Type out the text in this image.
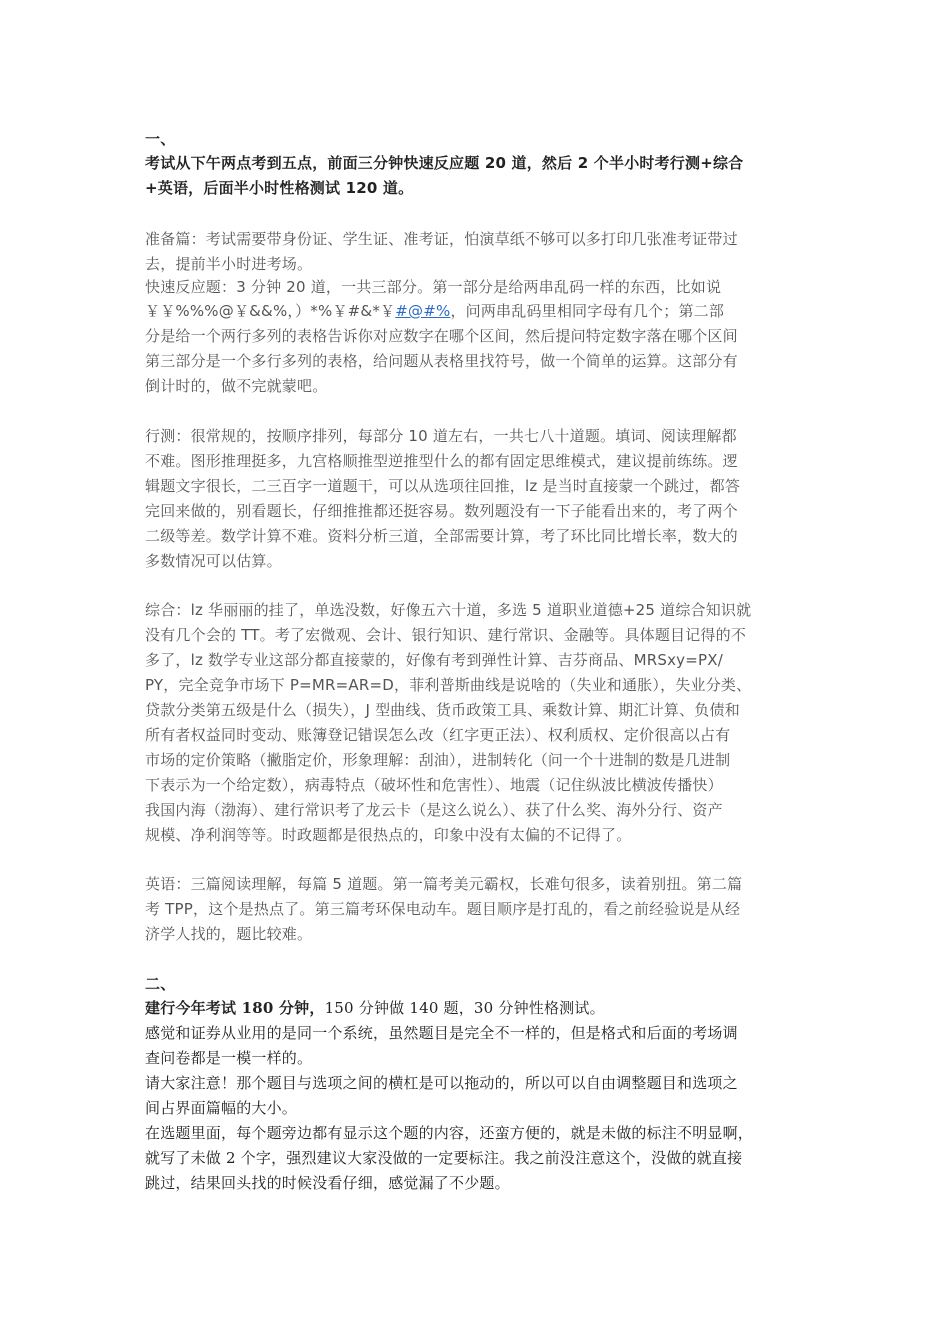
一、
考试从下午两点考到五点，前面三分钟快速反应题 20 道，然后 2 个半小时考行测+综合
+英语，后面半小时性格测试 120 道。
准备篇：考试需要带身份证、学生证、准考证，怕演草纸不够可以多打印几张准考证带过
去，提前半小时进考场。
快速反应题：3 分钟 20 道，一共三部分。第一部分是给两串乱码一样的东西，比如说
￥￥%%%@￥&&%，）*%￥#&*￥#@#%，问两串乱码里相同字母有几个；第二部
分是给一个两行多列的表格告诉你对应数字在哪个区间，然后提问特定数字落在哪个区间
第三部分是一个多行多列的表格，给问题从表格里找符号，做一个简单的运算。这部分有
倒计时的，做不完就蒙吧。
行测：很常规的，按顺序排列，每部分 10 道左右，一共七八十道题。填词、阅读理解都
不难。图形推理挺多，九宫格顺推型逆推型什么的都有固定思维模式，建议提前练练。逻
辑题文字很长，二三百字一道题干，可以从选项往回推，lz 是当时直接蒙一个跳过，都答
完回来做的，别看题长，仔细推推都还挺容易。数列题没有一下子能看出来的，考了两个
二级等差。数学计算不难。资料分析三道，全部需要计算，考了环比同比增长率，数大的
多数情况可以估算。
综合：lz 华丽丽的挂了，单选没数，好像五六十道，多选 5 道职业道德+25 道综合知识就
没有几个会的 TT。考了宏微观、会计、银行知识、建行常识、金融等。具体题目记得的不
多了，lz 数学专业这部分都直接蒙的，好像有考到弹性计算、吉芬商品、MRSxy=PX/
PY，完全竞争市场下 P=MR=AR=D，菲利普斯曲线是说啥的（失业和通胀），失业分类、
贷款分类第五级是什么（损失），J 型曲线、货币政策工具、乘数计算、期汇计算、负债和
所有者权益同时变动、账簿登记错误怎么改（红字更正法）、权利质权、定价很高以占有
市场的定价策略（撇脂定价，形象理解：刮油），进制转化（问一个十进制的数是几进制
下表示为一个给定数），病毒特点（破坏性和危害性）、地震（记住纵波比横波传播快）
我国内海（渤海）、建行常识考了龙云卡（是这么说么）、获了什么奖、海外分行、资产
规模、净利润等等。时政题都是很热点的，印象中没有太偏的不记得了。
英语：三篇阅读理解，每篇 5 道题。第一篇考美元霸权，长难句很多，读着别扭。第二篇
考 TPP，这个是热点了。第三篇考环保电动车。题目顺序是打乱的，看之前经验说是从经
济学人找的，题比较难。
二、
建行今年考试 180 分钟，150 分钟做 140 题，30 分钟性格测试。
感觉和证券从业用的是同一个系统，虽然题目是完全不一样的，但是格式和后面的考场调
查问卷都是一模一样的。
请大家注意！那个题目与选项之间的横杠是可以拖动的，所以可以自由调整题目和选项之
间占界面篇幅的大小。
在选题里面，每个题旁边都有显示这个题的内容，还蛮方便的，就是未做的标注不明显啊，
就写了未做 2 个字，强烈建议大家没做的一定要标注。我之前没注意这个，没做的就直接
跳过，结果回头找的时候没看仔细，感觉漏了不少题。
